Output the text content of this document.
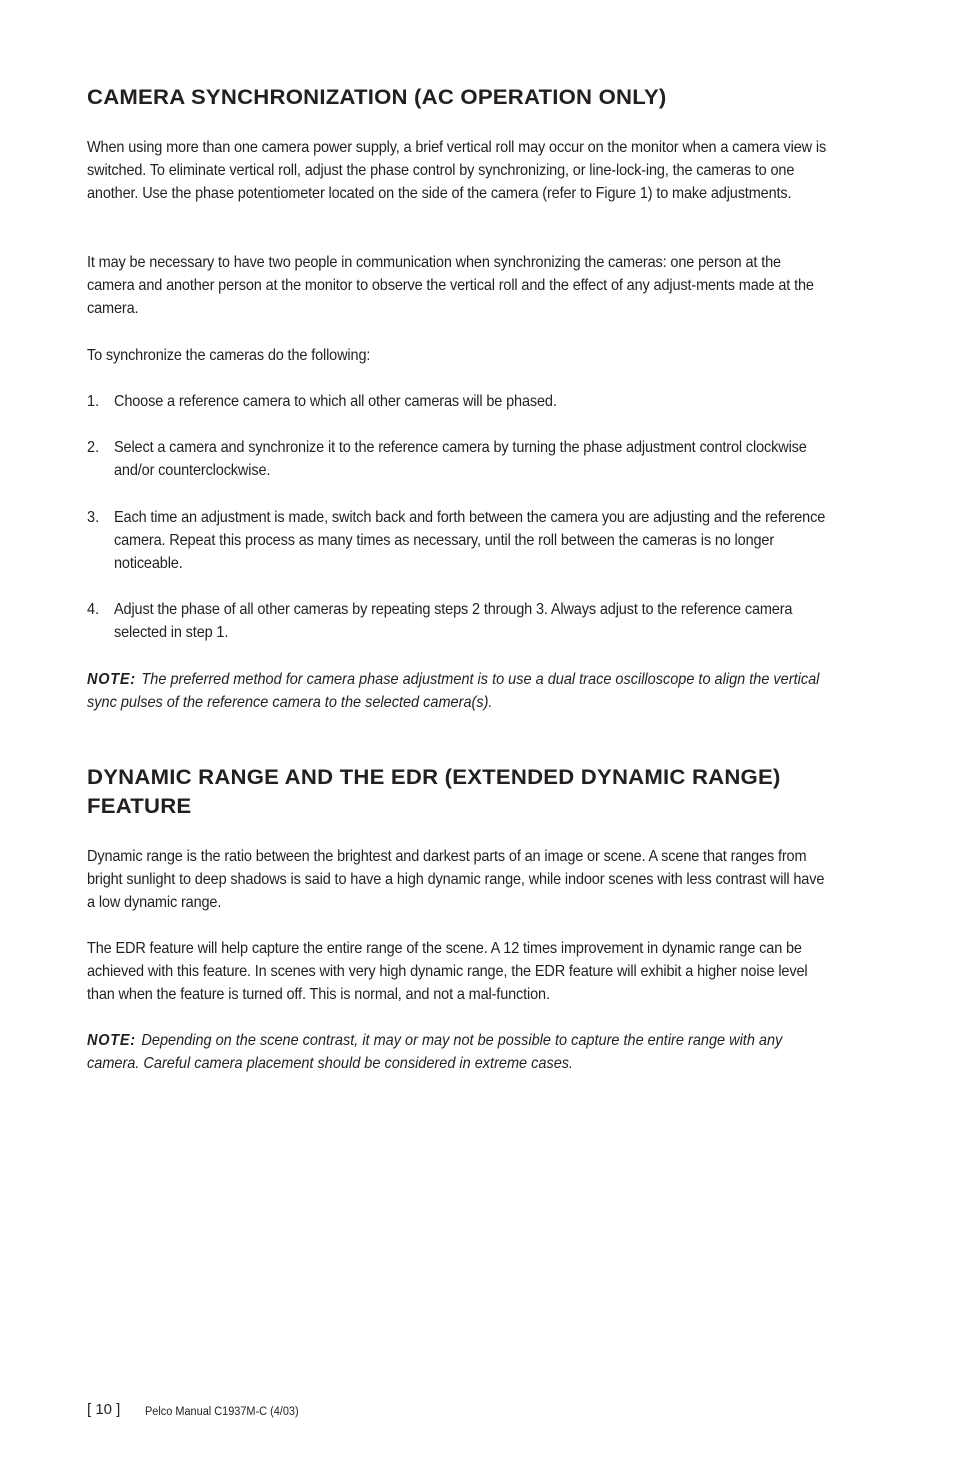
CAMERA SYNCHRONIZATION (AC OPERATION ONLY)

When using more than one camera power supply, a brief vertical roll may occur on the monitor when a camera view is switched. To eliminate vertical roll, adjust the phase control by synchronizing, or line-lock-ing, the cameras to one another. Use the phase potentiometer located on the side of the camera (refer to Figure 1) to make adjustments.

It may be necessary to have two people in communication when synchronizing the cameras: one person at the camera and another person at the monitor to observe the vertical roll and the effect of any adjust-ments made at the camera.

To synchronize the cameras do the following:

1. Choose a reference camera to which all other cameras will be phased.

2. Select a camera and synchronize it to the reference camera by turning the phase adjustment control clockwise and/or counterclockwise.

3. Each time an adjustment is made, switch back and forth between the camera you are adjusting and the reference camera. Repeat this process as many times as necessary, until the roll between the cameras is no longer noticeable.

4. Adjust the phase of all other cameras by repeating steps 2 through 3. Always adjust to the reference camera selected in step 1.

NOTE: The preferred method for camera phase adjustment is to use a dual trace oscilloscope to align the vertical sync pulses of the reference camera to the selected camera(s).
DYNAMIC RANGE AND THE EDR (EXTENDED DYNAMIC RANGE) FEATURE

Dynamic range is the ratio between the brightest and darkest parts of an image or scene. A scene that ranges from bright sunlight to deep shadows is said to have a high dynamic range, while indoor scenes with less contrast will have a low dynamic range.

The EDR feature will help capture the entire range of the scene. A 12 times improvement in dynamic range can be achieved with this feature. In scenes with very high dynamic range, the EDR feature will exhibit a higher noise level than when the feature is turned off. This is normal, and not a mal-function.

NOTE: Depending on the scene contrast, it may or may not be possible to capture the entire range with any camera. Careful camera placement should be considered in extreme cases.
[ 10 ] Pelco Manual C1937M-C (4/03)
